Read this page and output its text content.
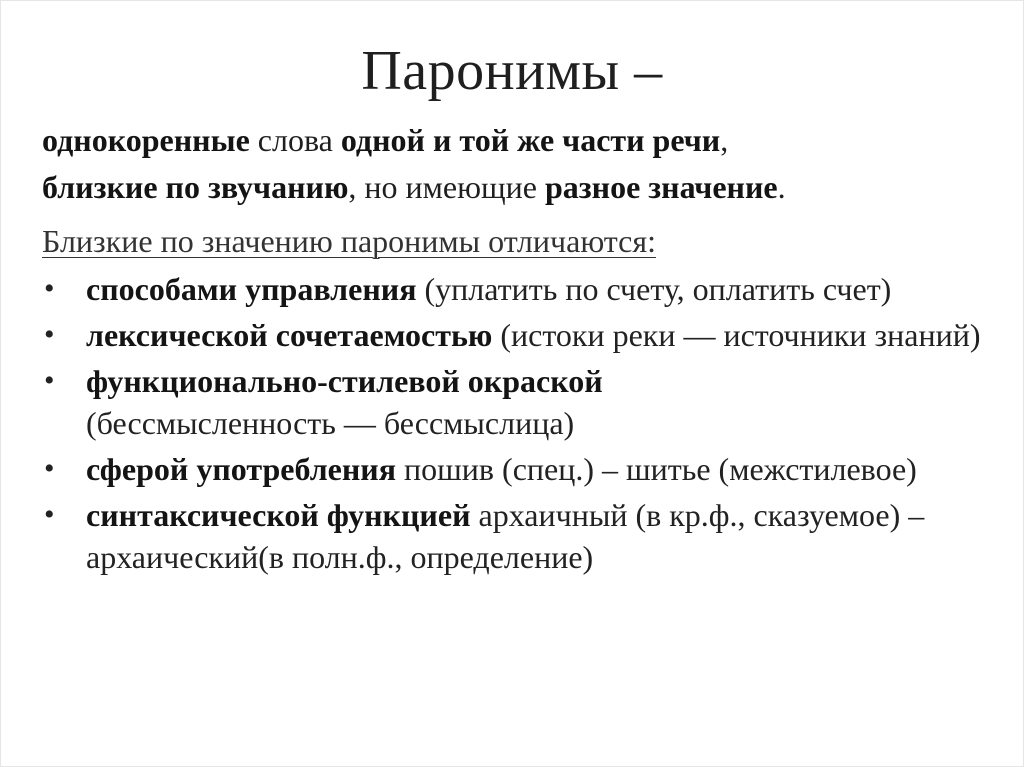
Паронимы –
однокоренные слова одной и той же части речи,
близкие по звучанию, но имеющие разное значение.
Близкие по значению паронимы отличаются:
• способами управления (уплатить по счету, оплатить счет)
• лексической сочетаемостью (истоки реки — источники знаний)
• функционально-стилевой окраской
(бессмысленность — бессмыслица)
• сферой употребления пошив (спец.) – шитье (межстилевое)
• синтаксической функцией архаичный (в кр.ф., сказуемое) – архаический(в полн.ф., определение)
